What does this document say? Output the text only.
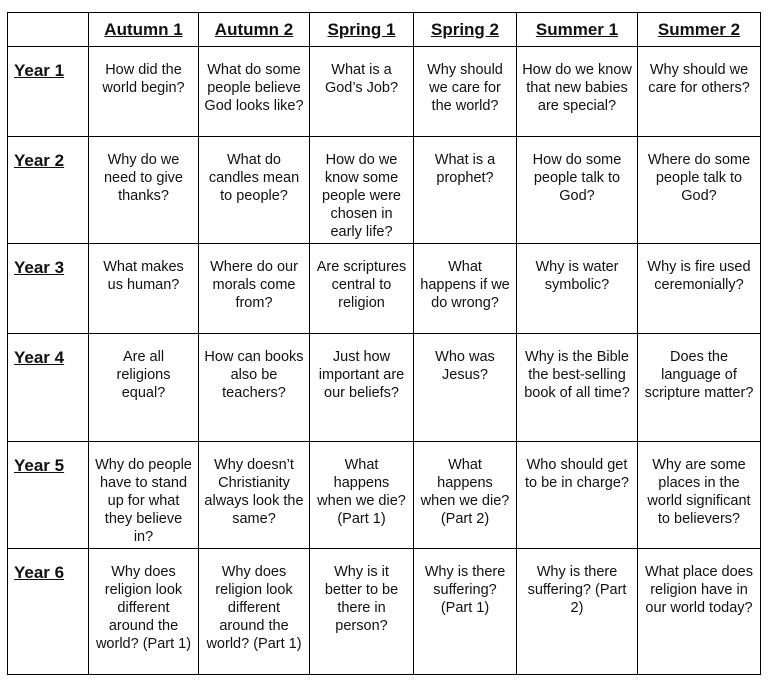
	Autumn 1	Autumn 2	Spring 1	Spring 2	Summer 1	Summer 2
Year 1	How did the world begin?	What do some people believe God looks like?	What is a God’s Job?	Why should we care for the world?	How do we know that new babies are special?	Why should we care for others?
Year 2	Why do we need to give thanks?	What do candles mean to people?	How do we know some people were chosen in early life?	What is a prophet?	How do some people talk to God?	Where do some people talk to God?
Year 3	What makes us human?	Where do our morals come from?	Are scriptures central to religion	What happens if we do wrong?	Why is water symbolic?	Why is fire used ceremonially?
Year 4	Are all religions equal?	How can books also be teachers?	Just how important are our beliefs?	Who was Jesus?	Why is the Bible the best-selling book of all time?	Does the language of scripture matter?
Year 5	Why do people have to stand up for what they believe in?	Why doesn’t Christianity always look the same?	What happens when we die? (Part 1)	What happens when we die? (Part 2)	Who should get to be in charge?	Why are some places in the world significant to believers?
Year 6	Why does religion look different around the world? (Part 1)	Why does religion look different around the world? (Part 1)	Why is it better to be there in person?	Why is there suffering? (Part 1)	Why is there suffering? (Part 2)	What place does religion have in our world today?
